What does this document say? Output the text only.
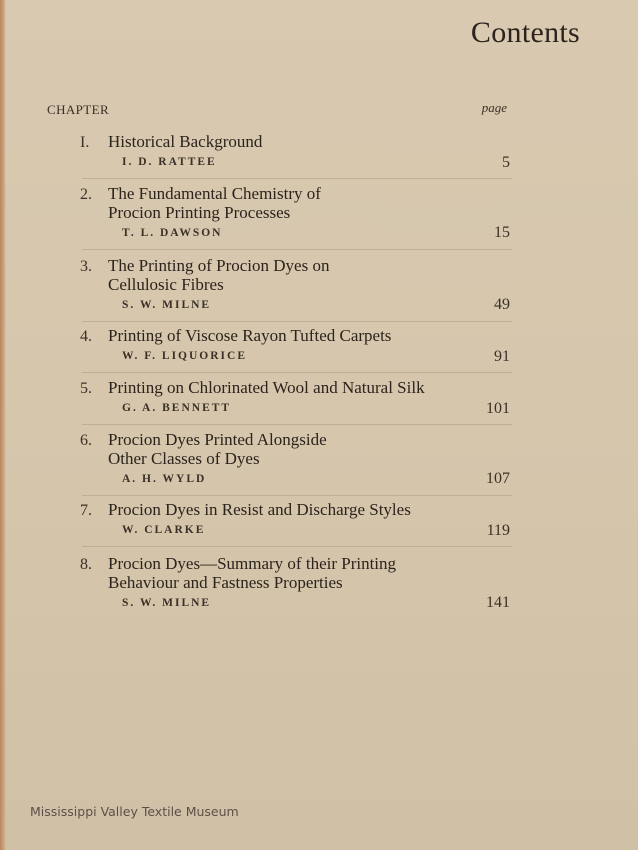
Contents
CHAPTER	page
I. Historical Background
I. D. RATTEE	5
2. The Fundamental Chemistry of
Procion Printing Processes
T. L. DAWSON	15
3. The Printing of Procion Dyes on
Cellulosic Fibres
S. W. MILNE	49
4. Printing of Viscose Rayon Tufted Carpets
W. F. LIQUORICE	91
5. Printing on Chlorinated Wool and Natural Silk
G. A. BENNETT	101
6. Procion Dyes Printed Alongside
Other Classes of Dyes
A. H. WYLD	107
7. Procion Dyes in Resist and Discharge Styles
W. CLARKE	119
8. Procion Dyes—Summary of their Printing
Behaviour and Fastness Properties
S. W. MILNE	141
Mississippi Valley Textile Museum
